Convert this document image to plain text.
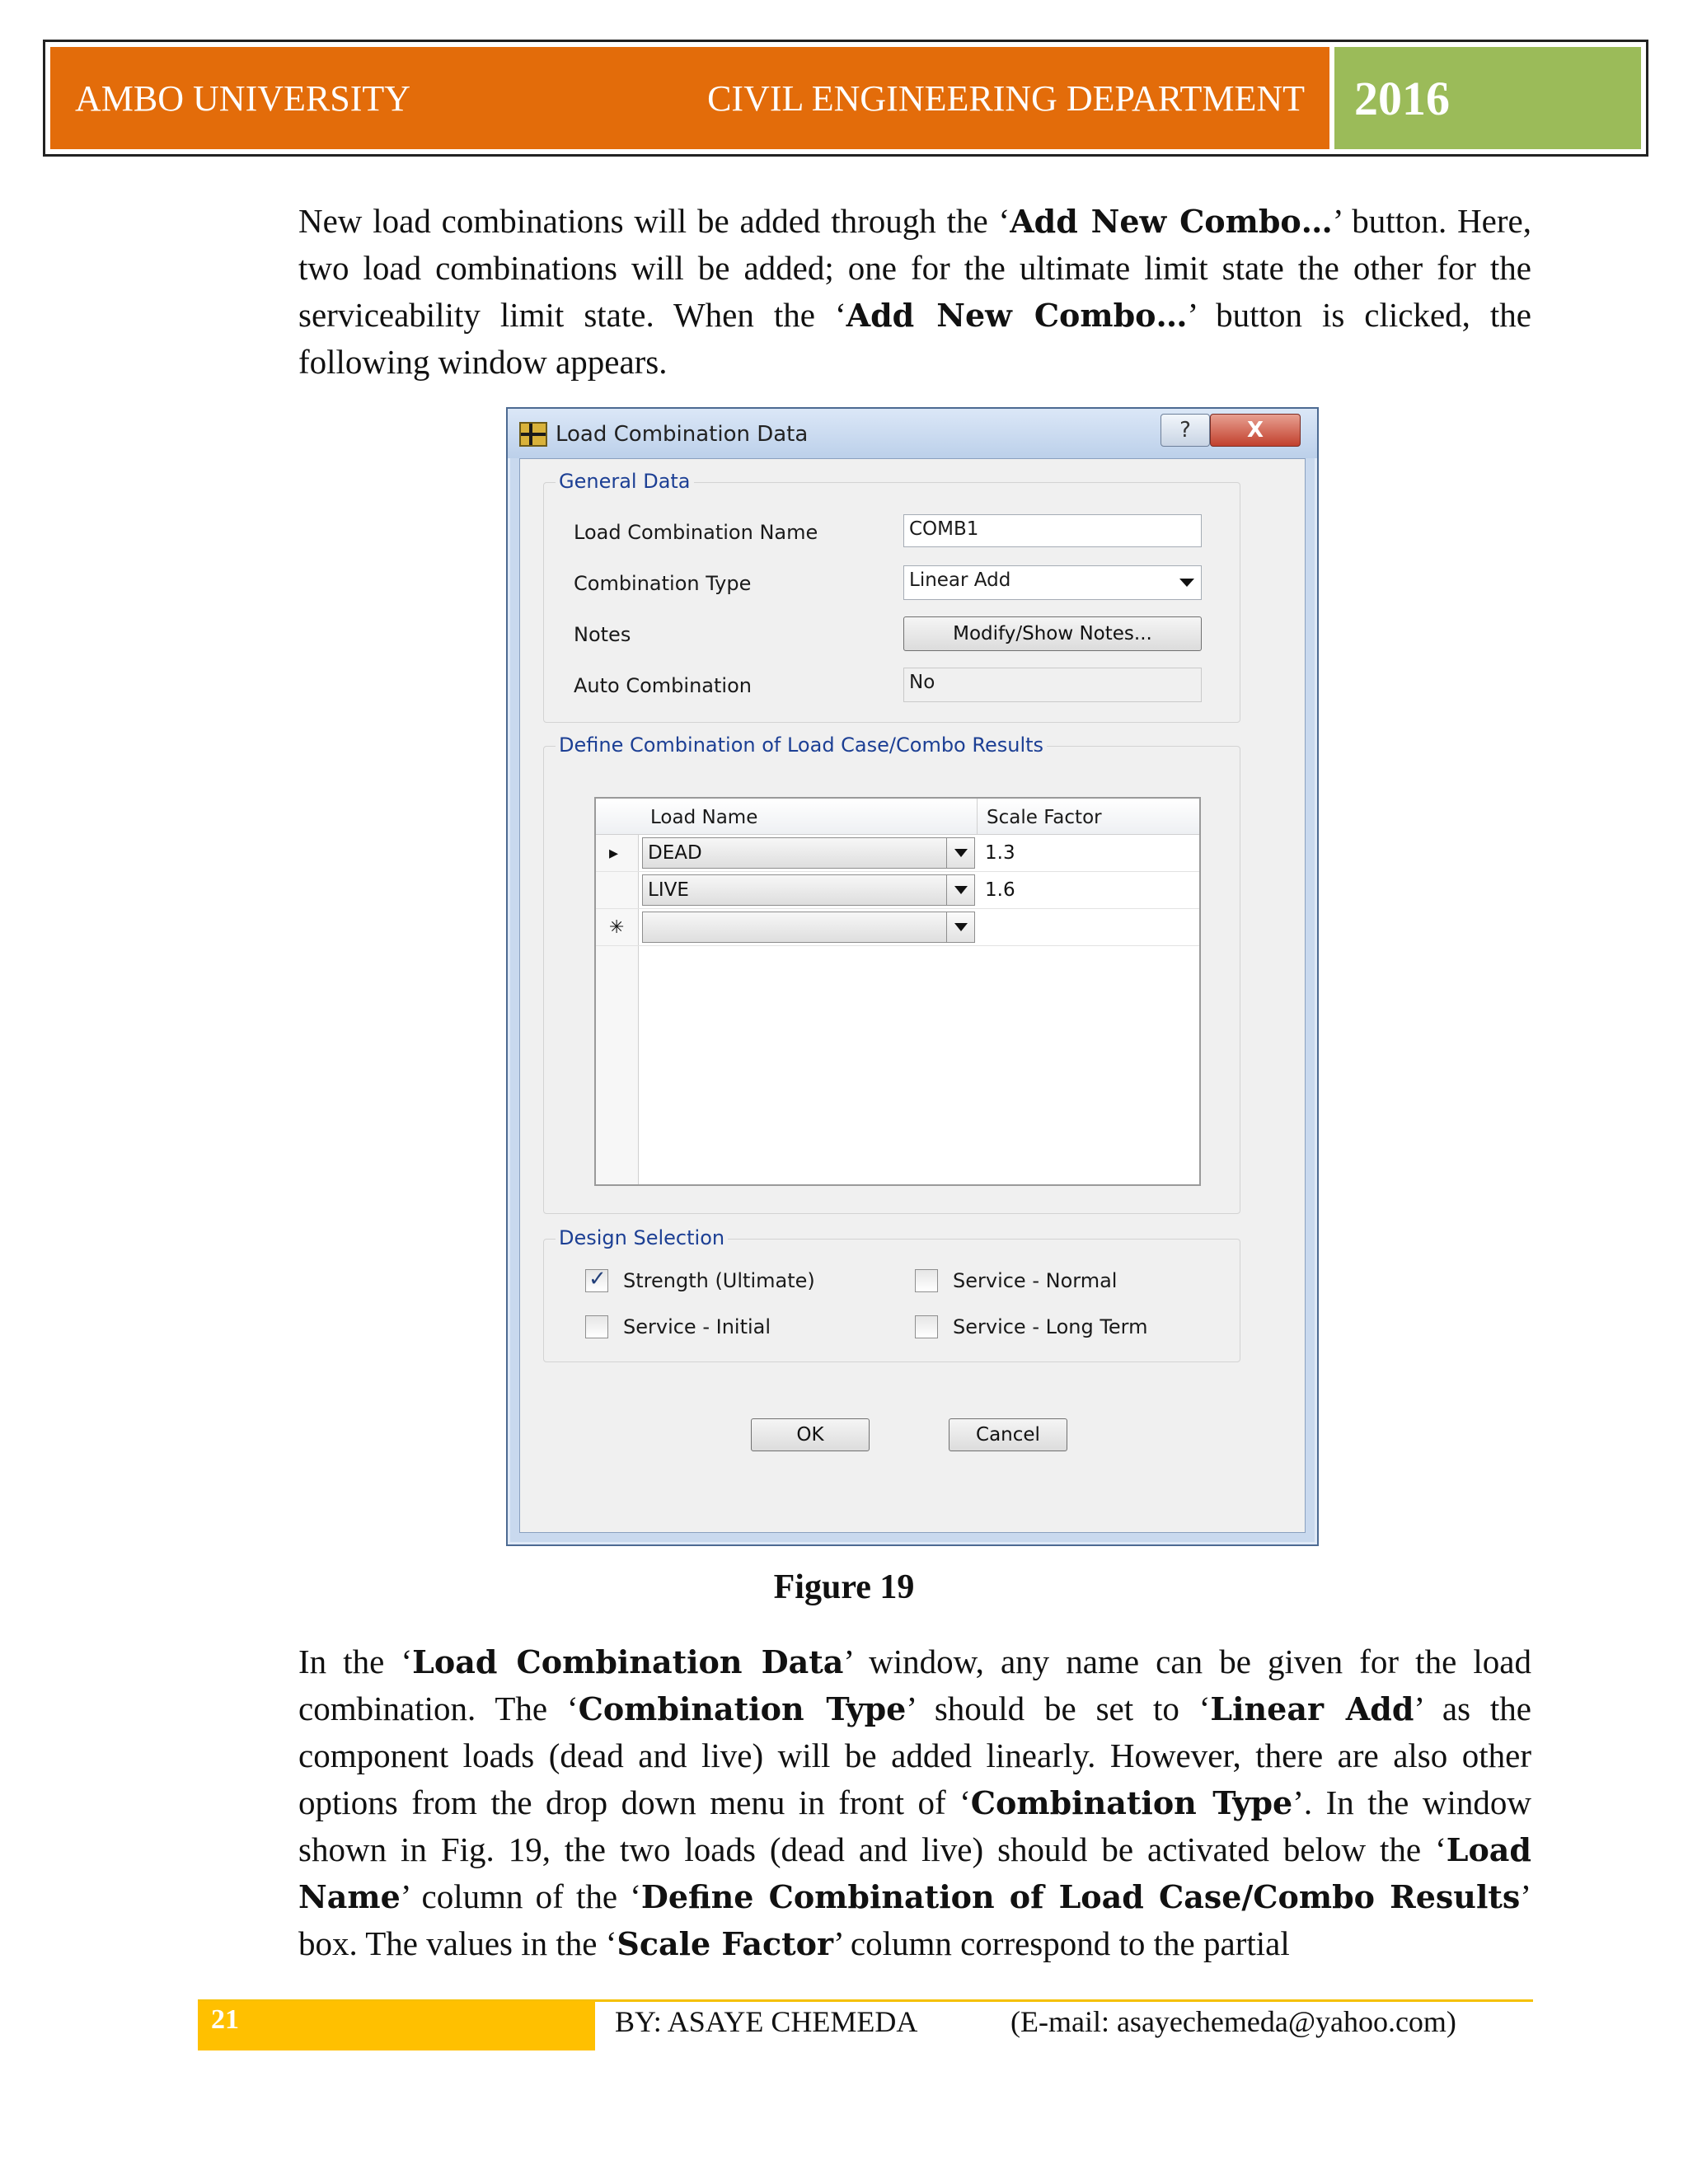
AMBO UNIVERSITY	CIVIL ENGINEERING DEPARTMENT 2016

New load combinations will be added through the ‘Add New Combo…’ button. Here, two load combinations will be added; one for the ultimate limit state the other for the serviceability limit state. When the ‘Add New Combo…’ button is clicked, the following window appears.

Load Combination Data	?	X
General Data
Load Combination Name	COMB1
Combination Type	Linear Add
Notes	Modify/Show Notes...
Auto Combination	No
Define Combination of Load Case/Combo Results
Load Name	Scale Factor
▸ DEAD	1.3
LIVE	1.6
✳
Design Selection
✓ Strength (Ultimate)	Service - Normal
Service - Initial	Service - Long Term
OK	Cancel
Figure 19

In the ‘Load Combination Data’ window, any name can be given for the load combination. The ‘Combination Type’ should be set to ‘Linear Add’ as the component loads (dead and live) will be added linearly. However, there are also other options from the drop down menu in front of ‘Combination Type’. In the window shown in Fig. 19, the two loads (dead and live) should be activated below the ‘Load Name’ column of the ‘Define Combination of Load Case/Combo Results’ box. The values in the ‘Scale Factor’ column correspond to the partial

21	BY: ASAYE CHEMEDA	(E-mail: asayechemeda@yahoo.com)
